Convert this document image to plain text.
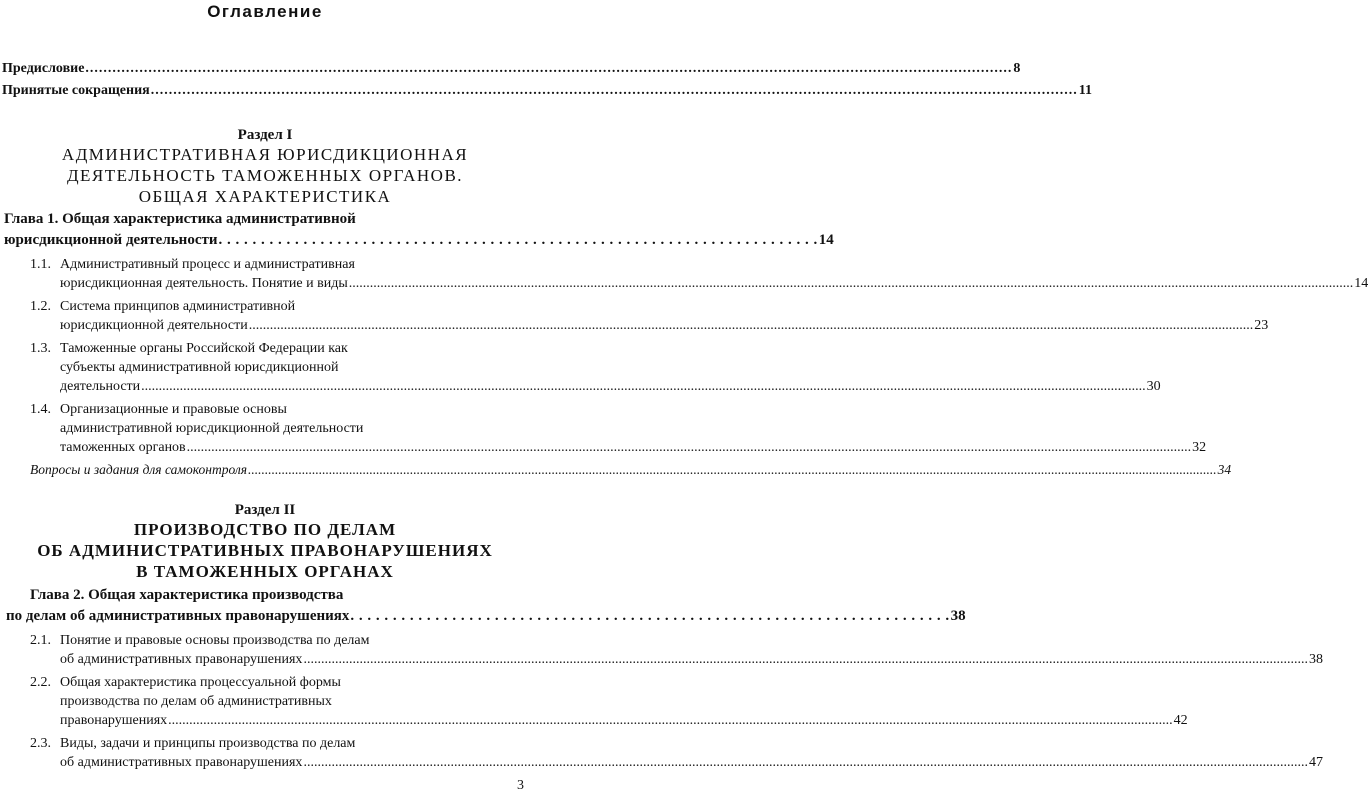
Оглавление
Предисловие .....	8
Принятые сокращения .....	11
Раздел I
АДМИНИСТРАТИВНАЯ ЮРИСДИКЦИОННАЯ
ДЕЯТЕЛЬНОСТЬ ТАМОЖЕННЫХ ОРГАНОВ.
ОБЩАЯ ХАРАКТЕРИСТИКА
Глава 1. Общая характеристика административной
юрисдикционной деятельности . . .	14
1.1. Административный процесс и административная
юрисдикционная деятельность. Понятие и виды .....	14
1.2. Система принципов административной
юрисдикционной деятельности .....	23
1.3. Таможенные органы Российской Федерации как
субъекты административной юрисдикционной
деятельности .....	30
1.4. Организационные и правовые основы
административной юрисдикционной деятельности
таможенных органов .....	32
Вопросы и задания для самоконтроля .....	34
Раздел II
ПРОИЗВОДСТВО ПО ДЕЛАМ
ОБ АДМИНИСТРАТИВНЫХ ПРАВОНАРУШЕНИЯХ
В ТАМОЖЕННЫХ ОРГАНАХ
Глава 2. Общая характеристика производства
по делам об административных правонарушениях . . .	38
2.1. Понятие и правовые основы производства по делам
об административных правонарушениях .....	38
2.2. Общая характеристика процессуальной формы
производства по делам об административных
правонарушениях .....	42
2.3. Виды, задачи и принципы производства по делам
об административных правонарушениях .....	47
3
